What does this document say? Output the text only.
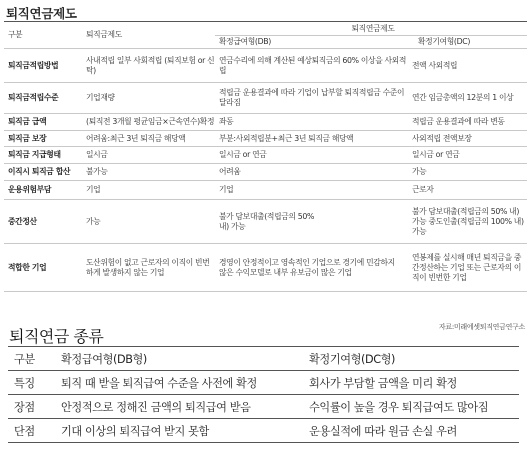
퇴직연금제도
구분	퇴직금제도	퇴직연금제도	
		확정급여형(DB)	확정기여형(DC)
퇴직금적립방법	사내적립 일부 사회적립 (퇴직보험 or 신탁)	연금수리에 의해 계산된 예상퇴직금의 60% 이상을 사외적립	전액 사외적립
퇴직금적립수준	기업재량	적립금 운용결과에 따라 기업이 납부할 퇴직적립금 수준이 달라짐	연간 임금총액의 12분의 1 이상
퇴직금 급액	(퇴직전 3개월 평균임금×근속연수)확정	좌동	적립금 운용결과에 따라 변동
퇴직금 보장	어려움:최근 3년 퇴직금 해당액	부분:사외적립분+최근 3년 퇴직금 해당액	사외적립 전액보장
퇴직금 지급형태	일시금	일시금 or 연금	일시금 or 연금
이직시 퇴직금 합산	불가능	어려움	가능
운용위험부담	기업	기업	근로자
중간정산	가능	불가 담보대출(적립금의 50% 내) 가능	불가 담보대출(적립금의 50% 내) 가능 중도인출(적립금의 100% 내) 가능
적합한 기업	도산위험이 없고 근로자의 이직이 빈번하게 발생하지 않는 기업	경영이 안정적이고 영속적인 기업으로 경기에 민감하지 않은 수익모델로 내부 유보금이 많은 기업	연봉제를 실시해 매년 퇴직금을 중간정산하는 기업 또는 근로자의 이직이 빈번한 기업
자료:미래에셋퇴직연금연구소
퇴직연금 종류
구분	확정급여형(DB형)	확정기여형(DC형)
특징	퇴직 때 받을 퇴직급여 수준을 사전에 확정	회사가 부담할 금액을 미리 확정
장점	안정적으로 정해진 금액의 퇴직급여 받음	수익률이 높을 경우 퇴직급여도 많아짐
단점	기대 이상의 퇴직급여 받지 못함	운용실적에 따라 원금 손실 우려
